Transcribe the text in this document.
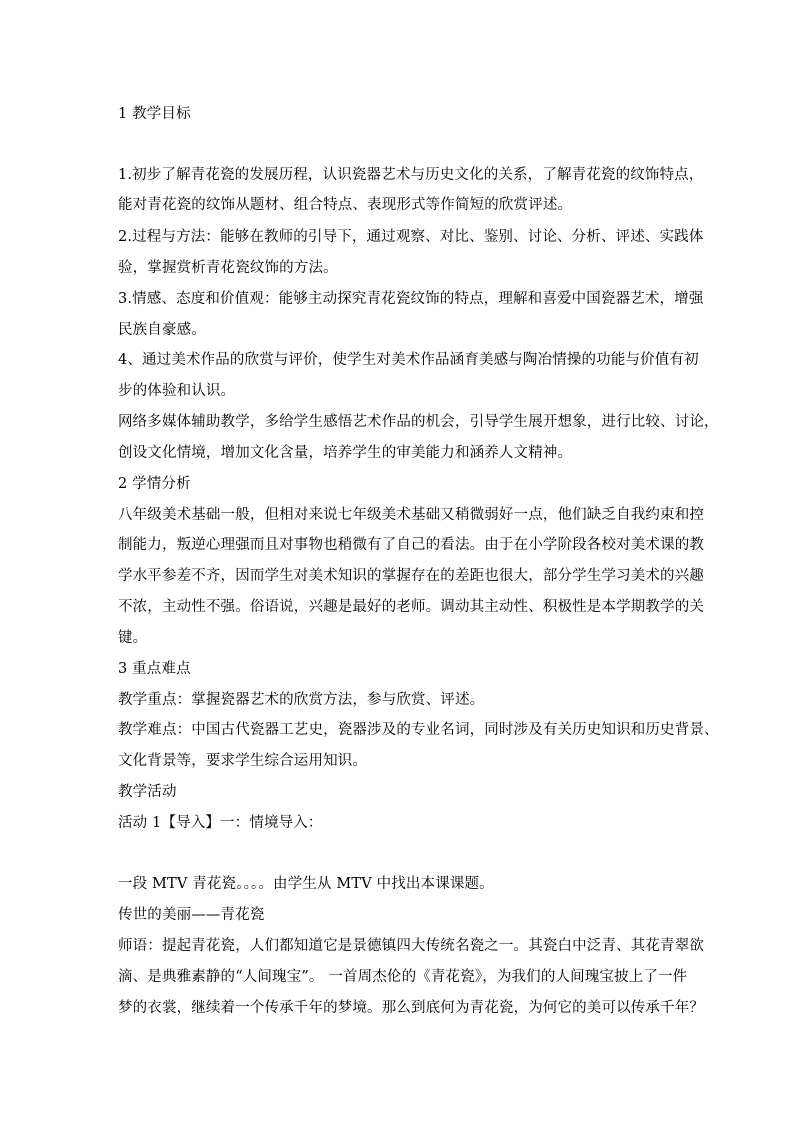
1 教学目标
1.初步了解青花瓷的发展历程，认识瓷器艺术与历史文化的关系，了解青花瓷的纹饰特点，
能对青花瓷的纹饰从题材、组合特点、表现形式等作简短的欣赏评述。
2.过程与方法：能够在教师的引导下，通过观察、对比、鉴别、讨论、分析、评述、实践体
验，掌握赏析青花瓷纹饰的方法。
3.情感、态度和价值观：能够主动探究青花瓷纹饰的特点，理解和喜爱中国瓷器艺术，增强
民族自豪感。
4、通过美术作品的欣赏与评价，使学生对美术作品涵育美感与陶冶情操的功能与价值有初
步的体验和认识。
网络多媒体辅助教学，多给学生感悟艺术作品的机会，引导学生展开想象，进行比较、讨论，
创设文化情境，增加文化含量，培养学生的审美能力和涵养人文精神。
2 学情分析
八年级美术基础一般，但相对来说七年级美术基础又稍微弱好一点，他们缺乏自我约束和控
制能力，叛逆心理强而且对事物也稍微有了自己的看法。由于在小学阶段各校对美术课的教
学水平参差不齐，因而学生对美术知识的掌握存在的差距也很大，部分学生学习美术的兴趣
不浓，主动性不强。俗语说，兴趣是最好的老师。调动其主动性、积极性是本学期教学的关
键。
3 重点难点
教学重点：掌握瓷器艺术的欣赏方法，参与欣赏、评述。
教学难点：中国古代瓷器工艺史，瓷器涉及的专业名词，同时涉及有关历史知识和历史背景、
文化背景等，要求学生综合运用知识。
教学活动
活动 1【导入】一：情境导入：
一段 MTV 青花瓷。。。。由学生从 MTV 中找出本课课题。
传世的美丽——青花瓷
师语：提起青花瓷，人们都知道它是景德镇四大传统名瓷之一。其瓷白中泛青、其花青翠欲
滴、是典雅素静的“人间瑰宝”。 一首周杰伦的《青花瓷》，为我们的人间瑰宝披上了一件
梦的衣裳，继续着一个传承千年的梦境。那么到底何为青花瓷，为何它的美可以传承千年？
